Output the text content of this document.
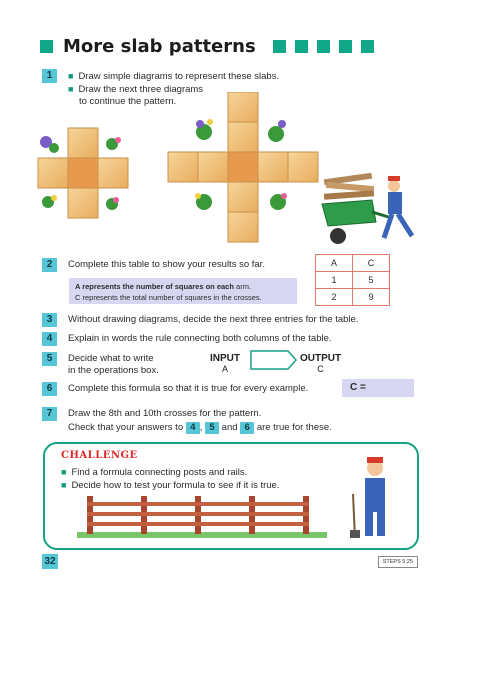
More slab patterns
1	■ Draw simple diagrams to represent these slabs.
■ Draw the next three diagrams
to continue the pattern.
2	Complete this table to show your results so far.
A represents the number of squares on each arm.
C represents the total number of squares in the crosses.
A	C
1	5
2	9
3	Without drawing diagrams, decide the next three entries for the table.
4	Explain in words the rule connecting both columns of the table.
5	Decide what to write
in the operations box.
INPUT
A
OUTPUT
C
6	Complete this formula so that it is true for every example.	C =
7	Draw the 8th and 10th crosses for the pattern.
Check that your answers to 4 , 5 and 6 are true for these.
CHALLENGE
■ Find a formula connecting posts and rails.
■ Decide how to test your formula to see if it is true.
32	STEPS 5:25
